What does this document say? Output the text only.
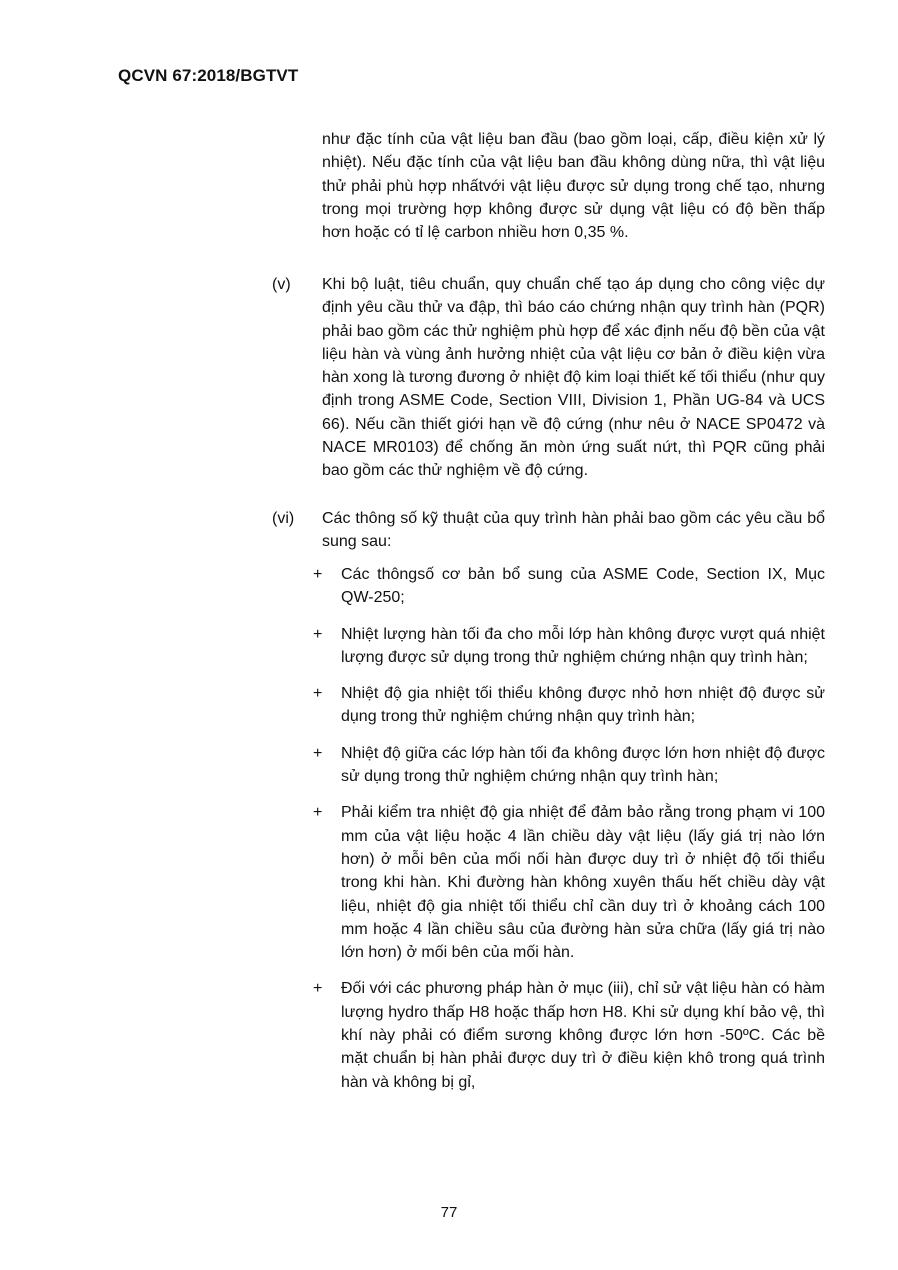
QCVN 67:2018/BGTVT

như đặc tính của vật liệu ban đầu (bao gồm loại, cấp, điều kiện xử lý nhiệt). Nếu đặc tính của vật liệu ban đầu không dùng nữa, thì vật liệu thử phải phù hợp nhấtvới vật liệu được sử dụng trong chế tạo, nhưng trong mọi trường hợp không được sử dụng vật liệu có độ bền thấp hơn hoặc có tỉ lệ carbon nhiều hơn 0,35 %.

(v)	Khi bộ luật, tiêu chuẩn, quy chuẩn chế tạo áp dụng cho công việc dự định yêu cầu thử va đập, thì báo cáo chứng nhận quy trình hàn (PQR) phải bao gồm các thử nghiệm phù hợp để xác định nếu độ bền của vật liệu hàn và vùng ảnh hưởng nhiệt của vật liệu cơ bản ở điều kiện vừa hàn xong là tương đương ở nhiệt độ kim loại thiết kế tối thiểu (như quy định trong ASME Code, Section VIII, Division 1, Phần UG-84 và UCS 66). Nếu cần thiết giới hạn về độ cứng (như nêu ở NACE SP0472 và NACE MR0103) để chống ăn mòn ứng suất nứt, thì PQR cũng phải bao gồm các thử nghiệm về độ cứng.
(vi)	Các thông số kỹ thuật của quy trình hàn phải bao gồm các yêu cầu bổ sung sau:
+ Các thôngsố cơ bản bổ sung của ASME Code, Section IX, Mục QW-250;
+ Nhiệt lượng hàn tối đa cho mỗi lớp hàn không được vượt quá nhiệt lượng được sử dụng trong thử nghiệm chứng nhận quy trình hàn;
+ Nhiệt độ gia nhiệt tối thiểu không được nhỏ hơn nhiệt độ được sử dụng trong thử nghiệm chứng nhận quy trình hàn;
+ Nhiệt độ giữa các lớp hàn tối đa không được lớn hơn nhiệt độ được sử dụng trong thử nghiệm chứng nhận quy trình hàn;
+ Phải kiểm tra nhiệt độ gia nhiệt để đảm bảo rằng trong phạm vi 100 mm của vật liệu hoặc 4 lần chiều dày vật liệu (lấy giá trị nào lớn hơn) ở mỗi bên của mối nối hàn được duy trì ở nhiệt độ tối thiểu trong khi hàn. Khi đường hàn không xuyên thấu hết chiều dày vật liệu, nhiệt độ gia nhiệt tối thiểu chỉ cần duy trì ở khoảng cách 100 mm hoặc 4 lần chiều sâu của đường hàn sửa chữa (lấy giá trị nào lớn hơn) ở mối bên của mối hàn.
+ Đối với các phương pháp hàn ở mục (iii), chỉ sử vật liệu hàn có hàm lượng hydro thấp H8 hoặc thấp hơn H8. Khi sử dụng khí bảo vệ, thì khí này phải có điểm sương không được lớn hơn -50ºC. Các bề mặt chuẩn bị hàn phải được duy trì ở điều kiện khô trong quá trình hàn và không bị gỉ,
77
